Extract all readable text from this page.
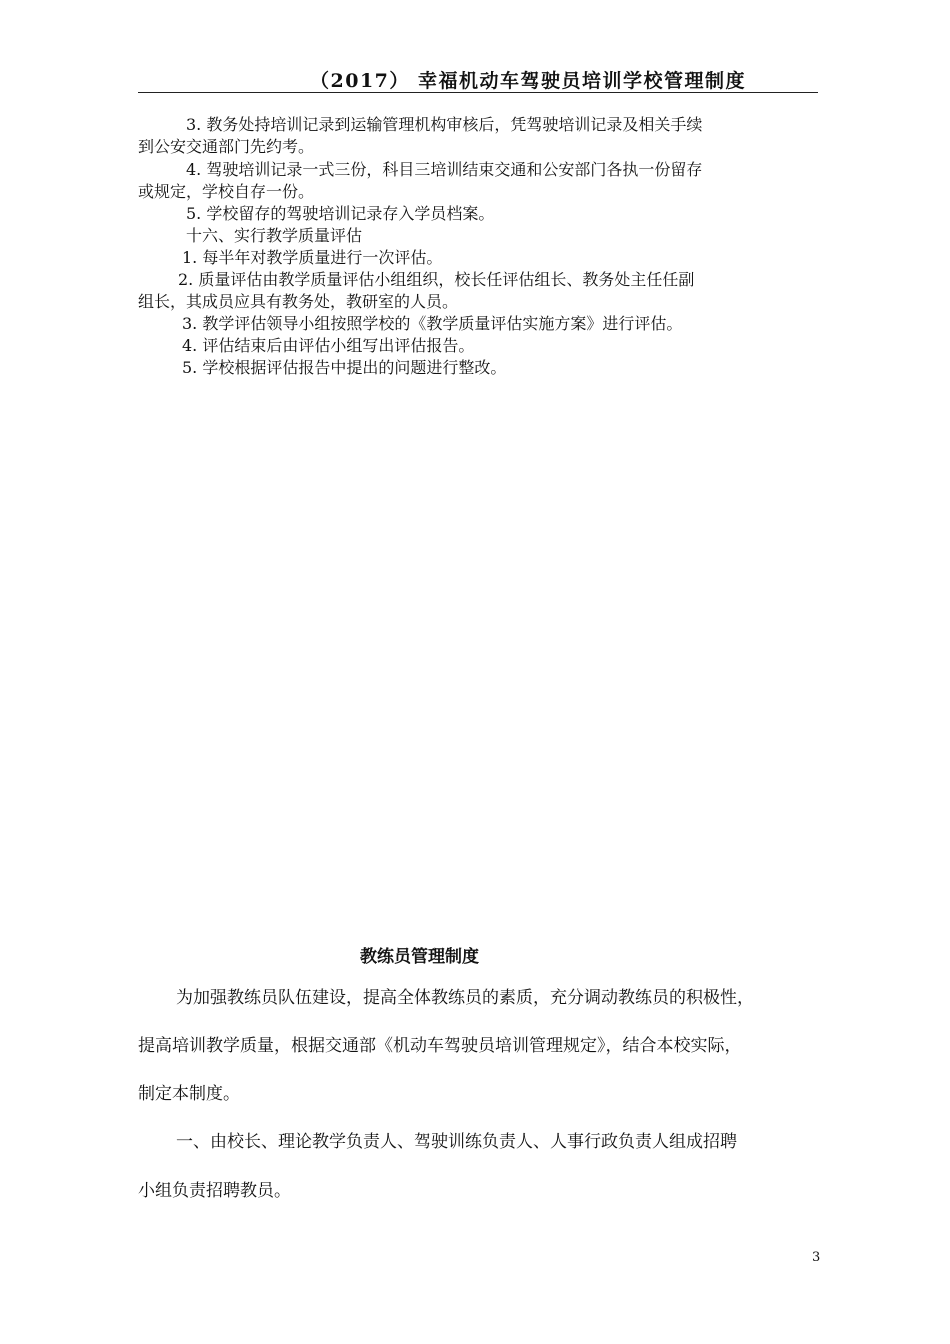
（2017） 幸福机动车驾驶员培训学校管理制度
3. 教务处持培训记录到运输管理机构审核后，凭驾驶培训记录及相关手续
到公安交通部门先约考。
4. 驾驶培训记录一式三份，科目三培训结束交通和公安部门各执一份留存
或规定，学校自存一份。
5. 学校留存的驾驶培训记录存入学员档案。
十六、实行教学质量评估
1. 每半年对教学质量进行一次评估。
2. 质量评估由教学质量评估小组组织，校长任评估组长、教务处主任任副
组长，其成员应具有教务处，教研室的人员。
3. 教学评估领导小组按照学校的《教学质量评估实施方案》进行评估。
4. 评估结束后由评估小组写出评估报告。
5. 学校根据评估报告中提出的问题进行整改。
教练员管理制度
为加强教练员队伍建设，提高全体教练员的素质，充分调动教练员的积极性，
提高培训教学质量，根据交通部《机动车驾驶员培训管理规定》，结合本校实际，
制定本制度。
一、由校长、理论教学负责人、驾驶训练负责人、人事行政负责人组成招聘
小组负责招聘教员。
3
